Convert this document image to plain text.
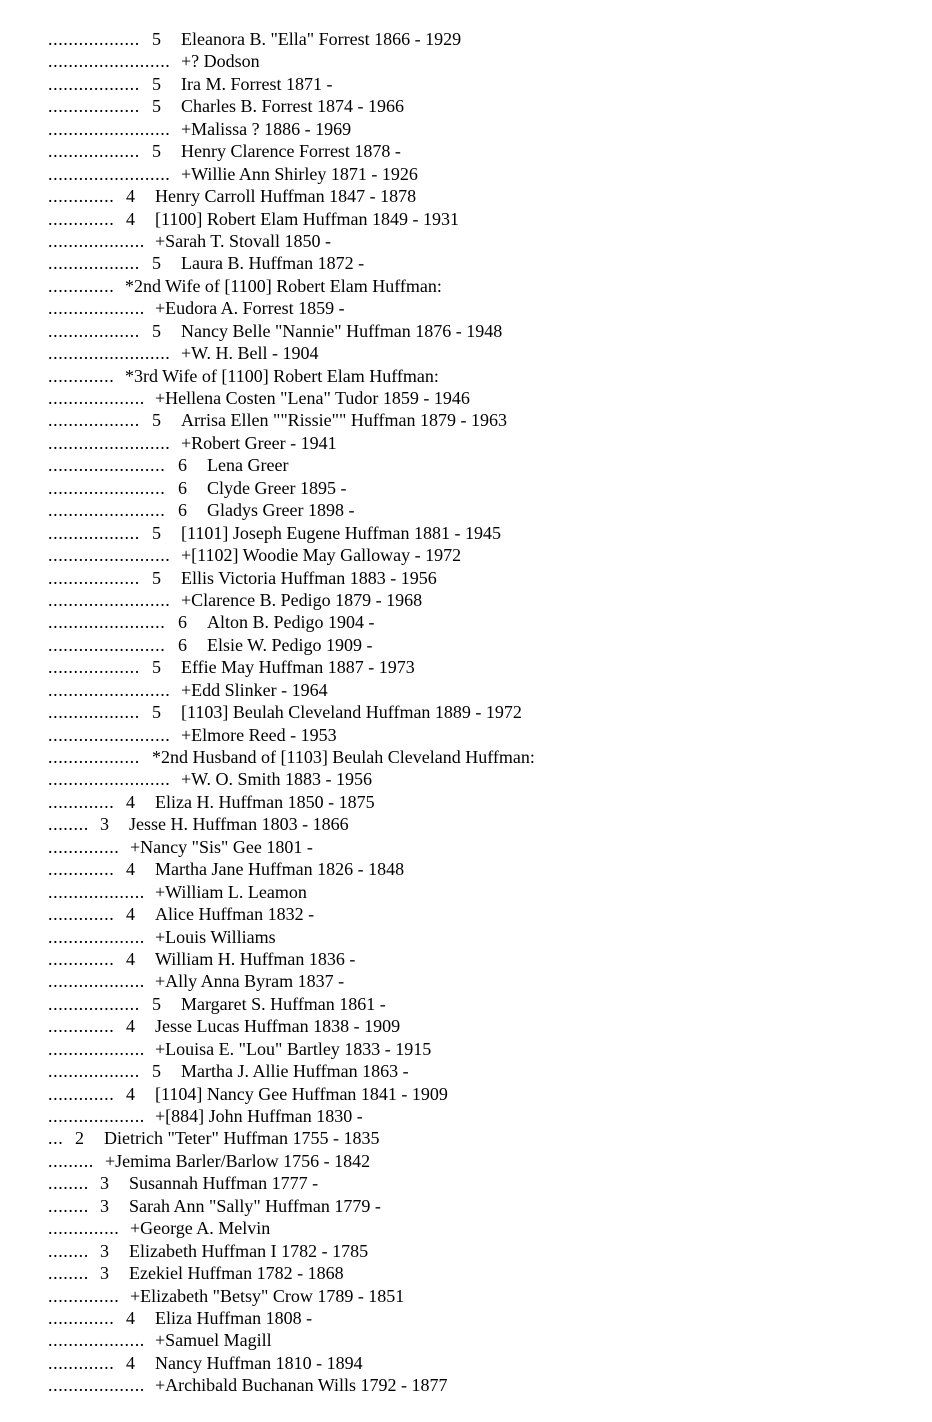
.................. 5 Eleanora B. "Ella" Forrest 1866 - 1929
........................ +? Dodson
.................. 5 Ira M. Forrest 1871 -
.................. 5 Charles B. Forrest 1874 - 1966
........................ +Malissa ? 1886 - 1969
.................. 5 Henry Clarence Forrest 1878 -
........................ +Willie Ann Shirley 1871 - 1926
............. 4 Henry Carroll Huffman 1847 - 1878
............. 4 [1100] Robert Elam Huffman 1849 - 1931
................... +Sarah T. Stovall 1850 -
.................. 5 Laura B. Huffman 1872 -
............. *2nd Wife of [1100] Robert Elam Huffman:
................... +Eudora A. Forrest 1859 -
.................. 5 Nancy Belle "Nannie" Huffman 1876 - 1948
........................ +W. H. Bell - 1904
............. *3rd Wife of [1100] Robert Elam Huffman:
................... +Hellena Costen "Lena" Tudor 1859 - 1946
.................. 5 Arrisa Ellen ""Rissie"" Huffman 1879 - 1963
........................ +Robert Greer - 1941
....................... 6 Lena Greer
....................... 6 Clyde Greer 1895 -
....................... 6 Gladys Greer 1898 -
.................. 5 [1101] Joseph Eugene Huffman 1881 - 1945
........................ +[1102] Woodie May Galloway - 1972
.................. 5 Ellis Victoria Huffman 1883 - 1956
........................ +Clarence B. Pedigo 1879 - 1968
....................... 6 Alton B. Pedigo 1904 -
....................... 6 Elsie W. Pedigo 1909 -
.................. 5 Effie May Huffman 1887 - 1973
........................ +Edd Slinker - 1964
.................. 5 [1103] Beulah Cleveland Huffman 1889 - 1972
........................ +Elmore Reed - 1953
.................. *2nd Husband of [1103] Beulah Cleveland Huffman:
........................ +W. O. Smith 1883 - 1956
............. 4 Eliza H. Huffman 1850 - 1875
........ 3 Jesse H. Huffman 1803 - 1866
.............. +Nancy "Sis" Gee 1801 -
............. 4 Martha Jane Huffman 1826 - 1848
................... +William L. Leamon
............. 4 Alice Huffman 1832 -
................... +Louis Williams
............. 4 William H. Huffman 1836 -
................... +Ally Anna Byram 1837 -
.................. 5 Margaret S. Huffman 1861 -
............. 4 Jesse Lucas Huffman 1838 - 1909
................... +Louisa E. "Lou" Bartley 1833 - 1915
.................. 5 Martha J. Allie Huffman 1863 -
............. 4 [1104] Nancy Gee Huffman 1841 - 1909
................... +[884] John Huffman 1830 -
... 2 Dietrich "Teter" Huffman 1755 - 1835
......... +Jemima Barler/Barlow 1756 - 1842
........ 3 Susannah Huffman 1777 -
........ 3 Sarah Ann "Sally" Huffman 1779 -
.............. +George A. Melvin
........ 3 Elizabeth Huffman I 1782 - 1785
........ 3 Ezekiel Huffman 1782 - 1868
.............. +Elizabeth "Betsy" Crow 1789 - 1851
............. 4 Eliza Huffman 1808 -
................... +Samuel Magill
............. 4 Nancy Huffman 1810 - 1894
................... +Archibald Buchanan Wills 1792 - 1877
